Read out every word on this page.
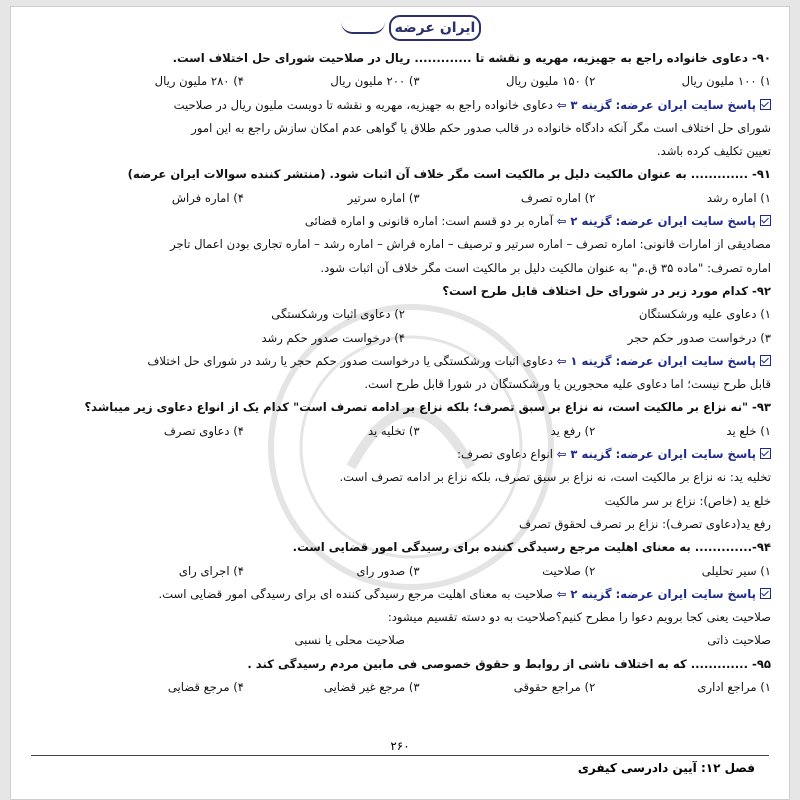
ایران عرضه
۹۰- دعاوی خانواده راجع به جهیزیه، مهریه و نقشه تا ............. ریال در صلاحیت شورای حل اختلاف است.
۱) ۱۰۰ ملیون ریال
۲) ۱۵۰ ملیون ریال
۳) ۲۰۰ ملیون ریال
۴) ۲۸۰ ملیون ریال
پاسخ سایت ایران عرضه: گزینه ۳ ⇦ دعاوی خانواده راجع به جهیزیه، مهریه و نقشه تا دویست ملیون ریال در صلاحیت
شورای حل اختلاف است مگر آنکه دادگاه خانواده در قالب صدور حکم طلاق یا گواهی عدم امکان سازش راجع به این امور
تعیین تکلیف کرده باشد.
۹۱- ............. به عنوان مالکیت دلیل بر مالکیت است مگر خلاف آن اثبات شود. (منتشر کننده سوالات ایران عرضه)
۱) اماره رشد
۲) اماره تصرف
۳) اماره سرتیر
۴) اماره فراش
پاسخ سایت ایران عرضه: گزینه ۲ ⇦ آماره بر دو قسم است: اماره قانونی و اماره قضائی
مصادیقی از امارات قانونی: اماره تصرف – اماره سرتیر و ترصیف – اماره فراش – اماره رشد – اماره تجاری بودن اعمال تاجر
اماره تصرف: "ماده ۳۵ ق.م" به عنوان مالکیت دلیل بر مالکیت است مگر خلاف آن اثبات شود.
۹۲- کدام مورد زیر در شورای حل اختلاف قابل طرح است؟
۱) دعاوی علیه ورشکستگان
۲) دعاوی اثبات ورشکستگی
۳) درخواست صدور حکم حجر
۴) درخواست صدور حکم رشد
پاسخ سایت ایران عرضه: گزینه ۱ ⇦ دعاوی اثبات ورشکستگی یا درخواست صدور حکم حجر یا رشد در شورای حل اختلاف
قابل طرح نیست؛ اما دعاوی علیه محجورین یا ورشکستگان در شورا قابل طرح است.
۹۳- "نه نزاع بر مالکیت است، نه نزاع بر سبق تصرف؛ بلکه نزاع بر ادامه تصرف است" کدام یک از انواع دعاوی زیر میباشد؟
۱) خلع ید
۲) رفع ید
۳) تخلیه ید
۴) دعاوی تصرف
پاسخ سایت ایران عرضه: گزینه ۳ ⇦ انواع دعاوی تصرف:
تخلیه ید: نه نزاع بر مالکیت است، نه نزاع بر سبق تصرف، بلکه نزاع بر ادامه تصرف است.
خلع ید (خاص): نزاع بر سر مالکیت
رفع ید(دعاوی تصرف): نزاع بر تصرف لحقوق تصرف
۹۴-............. به معنای اهلیت مرجع رسیدگی کننده برای رسیدگی امور قضایی است.
۱) سیر تحلیلی
۲) صلاحیت
۳) صدور رای
۴) اجرای رای
پاسخ سایت ایران عرضه: گزینه ۲ ⇦ صلاحیت به معنای اهلیت مرجع رسیدگی کننده ای برای رسیدگی امور قضایی است.
صلاحیت یعنی کجا برویم دعوا را مطرح کنیم؟صلاحیت به دو دسته تقسیم میشود:
صلاحیت ذاتی
صلاحیت محلی یا نسبی
۹۵- ............. که به اختلاف ناشی از روابط و حقوق خصوصی فی مابین مردم رسیدگی کند .
۱) مراجع اداری
۲) مراجع حقوقی
۳) مرجع غیر قضایی
۴) مرجع قضایی
۲۶۰
فصل ۱۲: آیین دادرسی کیفری
